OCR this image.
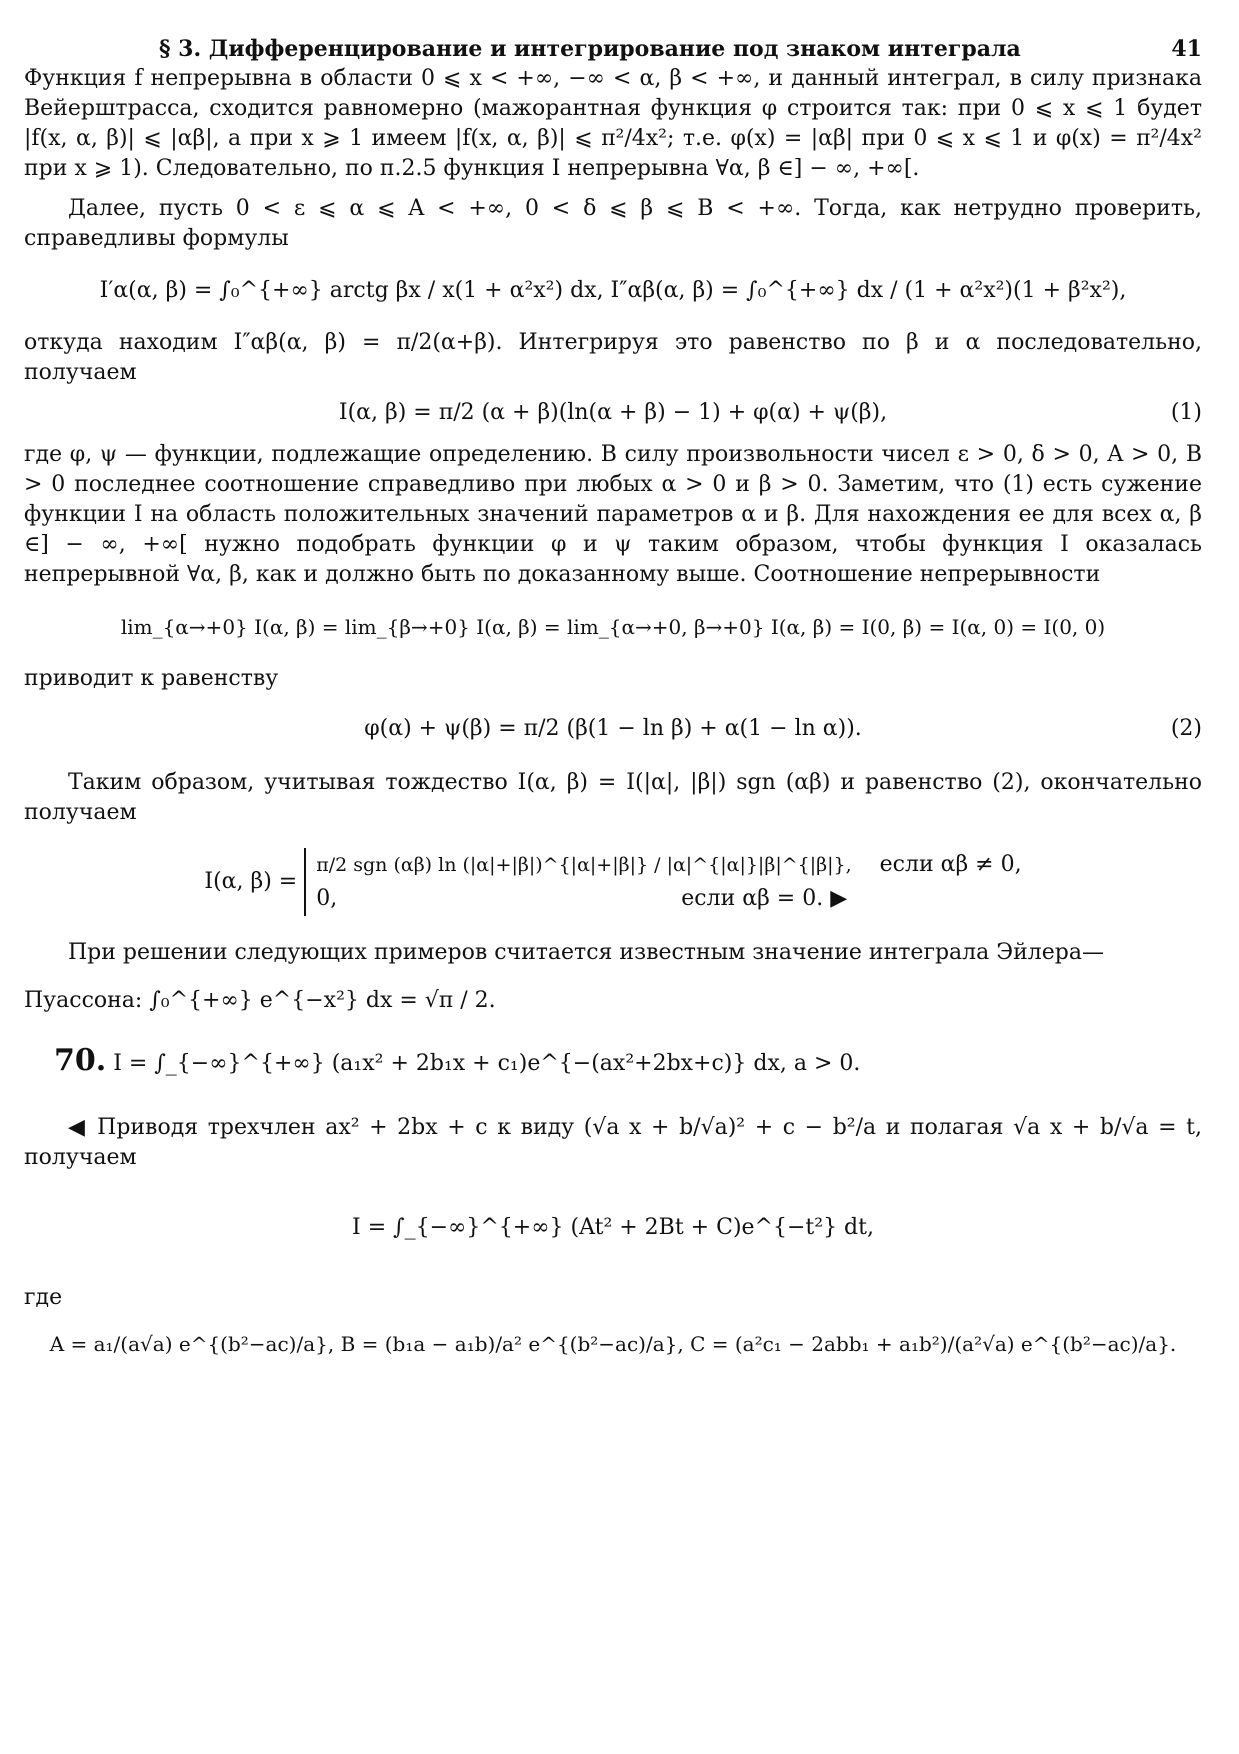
§ 3. Дифференцирование и интегрирование под знаком интеграла	41

Функция f непрерывна в области 0 ⩽ x < +∞, −∞ < α, β < +∞, и данный интеграл, в силу признака Вейерштрасса, сходится равномерно (мажорантная функция φ строится так: при 0 ⩽ x ⩽ 1 будет |f(x, α, β)| ⩽ |αβ|, а при x ⩾ 1 имеем |f(x, α, β)| ⩽ π²/4x²; т.е. φ(x) = |αβ| при 0 ⩽ x ⩽ 1 и φ(x) = π²/4x² при x ⩾ 1). Следовательно, по п.2.5 функция I непрерывна ∀α, β ∈] − ∞, +∞[.

Далее, пусть 0 < ε ⩽ α ⩽ A < +∞, 0 < δ ⩽ β ⩽ B < +∞. Тогда, как нетрудно проверить, справедливы формулы

I′α(α, β) = ∫₀^{+∞} arctg βx / x(1 + α²x²) dx, I″αβ(α, β) = ∫₀^{+∞} dx / (1 + α²x²)(1 + β²x²),

откуда находим I″αβ(α, β) = π/2(α+β). Интегрируя это равенство по β и α последовательно, получаем

I(α, β) = π/2 (α + β)(ln(α + β) − 1) + φ(α) + ψ(β),	(1)

где φ, ψ — функции, подлежащие определению. В силу произвольности чисел ε > 0, δ > 0, A > 0, B > 0 последнее соотношение справедливо при любых α > 0 и β > 0. Заметим, что (1) есть сужение функции I на область положительных значений параметров α и β. Для нахождения ее для всех α, β ∈] − ∞, +∞[ нужно подобрать функции φ и ψ таким образом, чтобы функция I оказалась непрерывной ∀α, β, как и должно быть по доказанному выше. Соотношение непрерывности

lim_{α→+0} I(α, β) = lim_{β→+0} I(α, β) = lim_{α→+0, β→+0} I(α, β) = I(0, β) = I(α, 0) = I(0, 0)

приводит к равенству

φ(α) + ψ(β) = π/2 (β(1 − ln β) + α(1 − ln α)).	(2)

Таким образом, учитывая тождество I(α, β) = I(|α|, |β|) sgn (αβ) и равенство (2), окончательно получаем

I(α, β) =
π/2 sgn (αβ) ln (|α|+|β|)^{|α|+|β|} / |α|^{|α|}|β|^{|β|}, если αβ ≠ 0,
0,	если αβ = 0. ▶

При решении следующих примеров считается известным значение интеграла Эйлера—

Пуассона: ∫₀^{+∞} e^{−x²} dx = √π / 2.
70. I = ∫_{−∞}^{+∞} (a₁x² + 2b₁x + c₁)e^{−(ax²+2bx+c)} dx, a > 0.

◀ Приводя трехчлен ax² + 2bx + c к виду (√a x + b/√a)² + c − b²/a и полагая √a x + b/√a = t, получаем

I = ∫_{−∞}^{+∞} (At² + 2Bt + C)e^{−t²} dt,
где
A = a₁/(a√a) e^{(b²−ac)/a}, B = (b₁a − a₁b)/a² e^{(b²−ac)/a}, C = (a²c₁ − 2abb₁ + a₁b²)/(a²√a) e^{(b²−ac)/a}.
